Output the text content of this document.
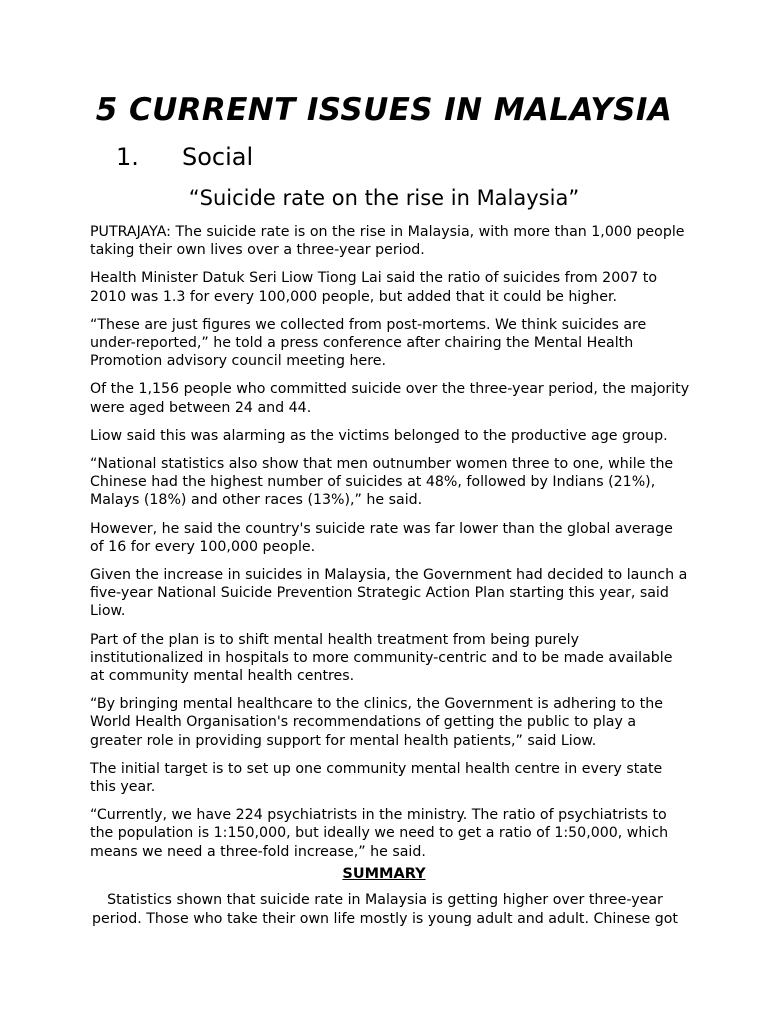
5 CURRENT ISSUES IN MALAYSIA
1. Social
“Suicide rate on the rise in Malaysia”

PUTRAJAYA: The suicide rate is on the rise in Malaysia, with more than 1,000 people taking their own lives over a three-year period.

Health Minister Datuk Seri Liow Tiong Lai said the ratio of suicides from 2007 to 2010 was 1.3 for every 100,000 people, but added that it could be higher.

“These are just figures we collected from post-mortems. We think suicides are under-reported,” he told a press conference after chairing the Mental Health Promotion advisory council meeting here.

Of the 1,156 people who committed suicide over the three-year period, the majority were aged between 24 and 44.

Liow said this was alarming as the victims belonged to the productive age group.

“National statistics also show that men outnumber women three to one, while the Chinese had the highest number of suicides at 48%, followed by Indians (21%), Malays (18%) and other races (13%),” he said.

However, he said the country's suicide rate was far lower than the global average of 16 for every 100,000 people.

Given the increase in suicides in Malaysia, the Government had decided to launch a five-year National Suicide Prevention Strategic Action Plan starting this year, said Liow.

Part of the plan is to shift mental health treatment from being purely institutionalized in hospitals to more community-centric and to be made available at community mental health centres.

“By bringing mental healthcare to the clinics, the Government is adhering to the World Health Organisation's recommendations of getting the public to play a greater role in providing support for mental health patients,” said Liow.

The initial target is to set up one community mental health centre in every state this year.

“Currently, we have 224 psychiatrists in the ministry. The ratio of psychiatrists to the population is 1:150,000, but ideally we need to get a ratio of 1:50,000, which means we need a three-fold increase,” he said.

SUMMARY

Statistics shown that suicide rate in Malaysia is getting higher over three-year period. Those who take their own life mostly is young adult and adult. Chinese got
